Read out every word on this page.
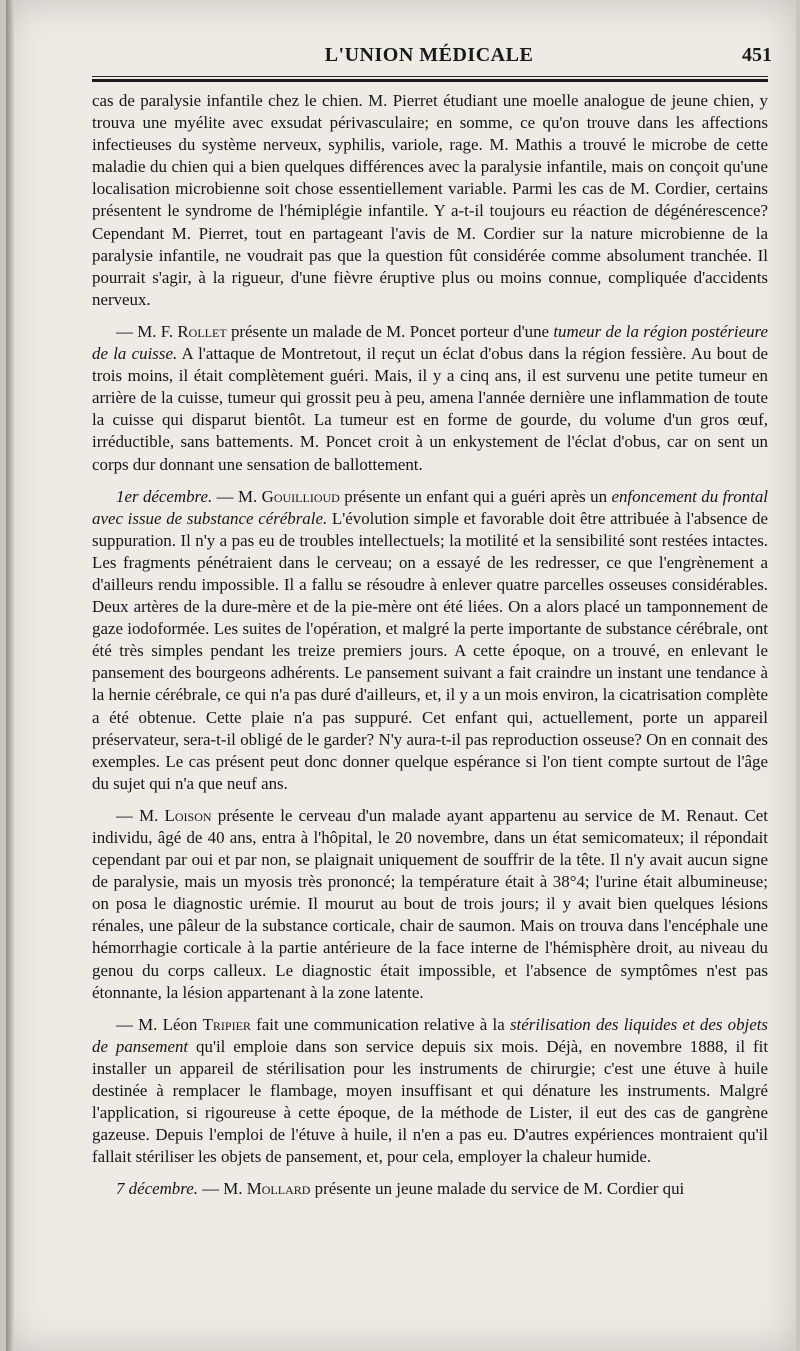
L'UNION MÉDICALE	451

cas de paralysie infantile chez le chien. M. Pierret étudiant une moelle analogue de jeune chien, y trouva une myélite avec exsudat périvasculaire; en somme, ce qu'on trouve dans les affections infectieuses du système nerveux, syphilis, variole, rage. M. Mathis a trouvé le microbe de cette maladie du chien qui a bien quelques différences avec la paralysie infantile, mais on conçoit qu'une localisation microbienne soit chose essentiellement variable. Parmi les cas de M. Cordier, certains présentent le syndrome de l'hémiplégie infantile. Y a-t-il toujours eu réaction de dégénérescence? Cependant M. Pierret, tout en partageant l'avis de M. Cordier sur la nature microbienne de la paralysie infantile, ne voudrait pas que la question fût considérée comme absolument tranchée. Il pourrait s'agir, à la rigueur, d'une fièvre éruptive plus ou moins connue, compliquée d'accidents nerveux.

— M. F. Rollet présente un malade de M. Poncet porteur d'une tumeur de la région postérieure de la cuisse. A l'attaque de Montretout, il reçut un éclat d'obus dans la région fessière. Au bout de trois moins, il était complètement guéri. Mais, il y a cinq ans, il est survenu une petite tumeur en arrière de la cuisse, tumeur qui grossit peu à peu, amena l'année dernière une inflammation de toute la cuisse qui disparut bientôt. La tumeur est en forme de gourde, du volume d'un gros œuf, irréductible, sans battements. M. Poncet croit à un enkystement de l'éclat d'obus, car on sent un corps dur donnant une sensation de ballottement.

1er décembre. — M. Gouillioud présente un enfant qui a guéri après un enfoncement du frontal avec issue de substance cérébrale. L'évolution simple et favorable doit être attribuée à l'absence de suppuration. Il n'y a pas eu de troubles intellectuels; la motilité et la sensibilité sont restées intactes. Les fragments pénétraient dans le cerveau; on a essayé de les redresser, ce que l'engrènement a d'ailleurs rendu impossible. Il a fallu se résoudre à enlever quatre parcelles osseuses considérables. Deux artères de la dure-mère et de la pie-mère ont été liées. On a alors placé un tamponnement de gaze iodoformée. Les suites de l'opération, et malgré la perte importante de substance cérébrale, ont été très simples pendant les treize premiers jours. A cette époque, on a trouvé, en enlevant le pansement des bourgeons adhérents. Le pansement suivant a fait craindre un instant une tendance à la hernie cérébrale, ce qui n'a pas duré d'ailleurs, et, il y a un mois environ, la cicatrisation complète a été obtenue. Cette plaie n'a pas suppuré. Cet enfant qui, actuellement, porte un appareil préservateur, sera-t-il obligé de le garder? N'y aura-t-il pas reproduction osseuse? On en connait des exemples. Le cas présent peut donc donner quelque espérance si l'on tient compte surtout de l'âge du sujet qui n'a que neuf ans.

— M. Loison présente le cerveau d'un malade ayant appartenu au service de M. Renaut. Cet individu, âgé de 40 ans, entra à l'hôpital, le 20 novembre, dans un état semicomateux; il répondait cependant par oui et par non, se plaignait uniquement de souffrir de la tête. Il n'y avait aucun signe de paralysie, mais un myosis très prononcé; la température était à 38°4; l'urine était albumineuse; on posa le diagnostic urémie. Il mourut au bout de trois jours; il y avait bien quelques lésions rénales, une pâleur de la substance corticale, chair de saumon. Mais on trouva dans l'encéphale une hémorrhagie corticale à la partie antérieure de la face interne de l'hémisphère droit, au niveau du genou du corps calleux. Le diagnostic était impossible, et l'absence de symptômes n'est pas étonnante, la lésion appartenant à la zone latente.

— M. Léon Tripier fait une communication relative à la stérilisation des liquides et des objets de pansement qu'il emploie dans son service depuis six mois. Déjà, en novembre 1888, il fit installer un appareil de stérilisation pour les instruments de chirurgie; c'est une étuve à huile destinée à remplacer le flambage, moyen insuffisant et qui dénature les instruments. Malgré l'application, si rigoureuse à cette époque, de la méthode de Lister, il eut des cas de gangrène gazeuse. Depuis l'emploi de l'étuve à huile, il n'en a pas eu. D'autres expériences montraient qu'il fallait stériliser les objets de pansement, et, pour cela, employer la chaleur humide.

7 décembre. — M. Mollard présente un jeune malade du service de M. Cordier qui
